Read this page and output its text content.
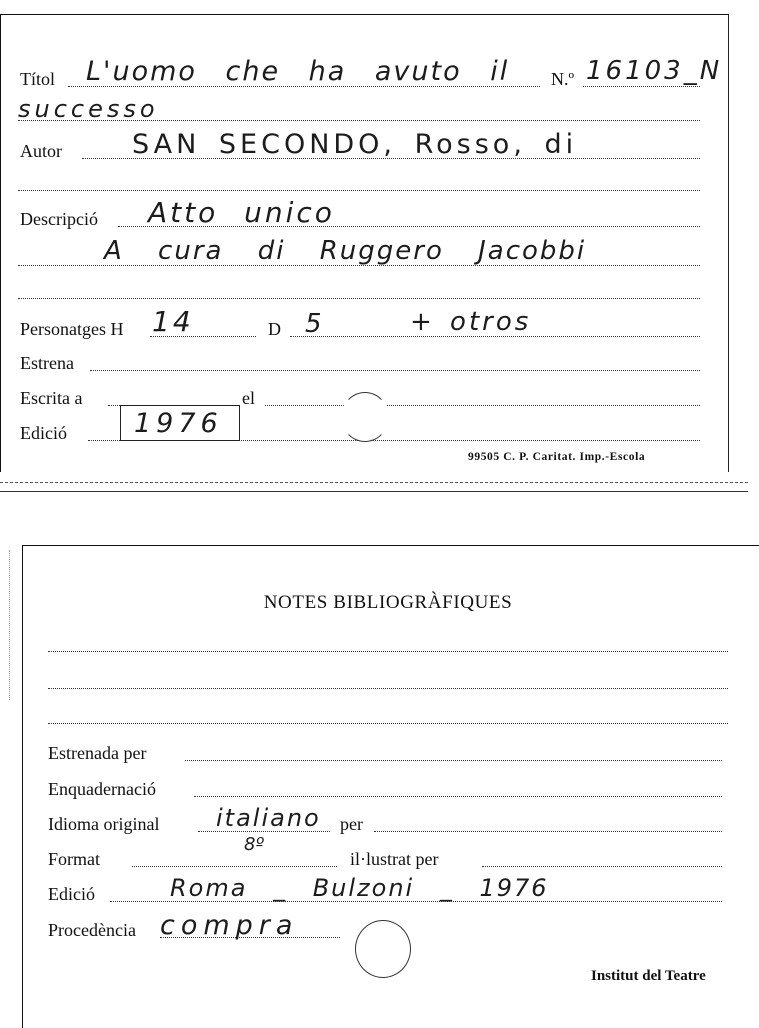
Títol L'uomo che ha avuto il N.º 16103_N
successo
Autor	SAN SECONDO, Rosso, di
Descripció Atto unico
A cura di Ruggero Jacobbi
Personatges H 14	D 5	+ otros
Estrena
Escrita a	el
Edició 1976
99505 C. P. Caritat. Imp.-Escola
NOTES BIBLIOGRÀFIQUES
Estrenada per
Enquadernació
Idioma original italiano per
Format
8º
il·lustrat per
Edició	Roma _ Bulzoni _ 1976
Procedència compra
Institut del Teatre
